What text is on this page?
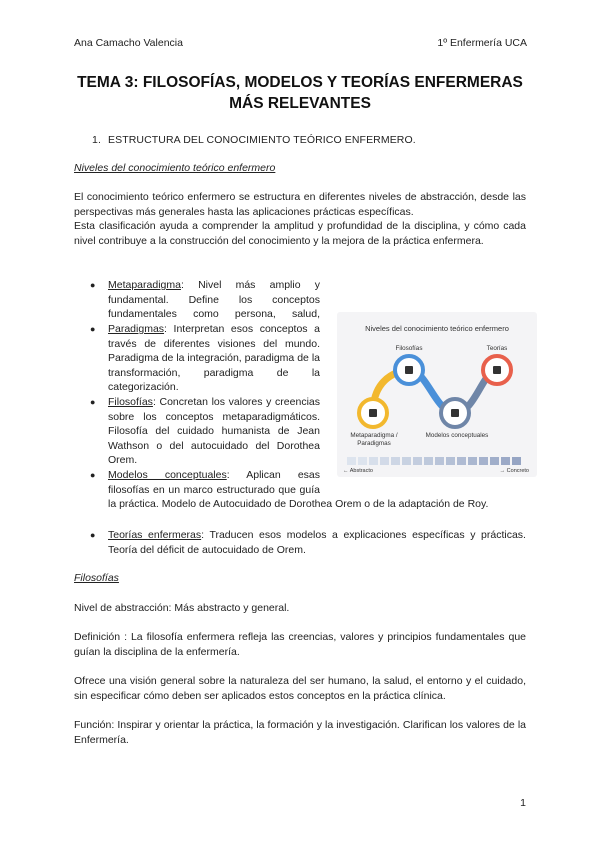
Ana Camacho Valencia	1º Enfermería UCA
TEMA 3: FILOSOFÍAS, MODELOS Y TEORÍAS ENFERMERAS
MÁS RELEVANTES
1. ESTRUCTURA DEL CONOCIMIENTO TEÓRICO ENFERMERO.
Niveles del conocimiento teórico enfermero
El conocimiento teórico enfermero se estructura en diferentes niveles de abstracción, desde las perspectivas más generales hasta las aplicaciones prácticas específicas.
Esta clasificación ayuda a comprender la amplitud y profundidad de la disciplina, y cómo cada nivel contribuye a la construcción del conocimiento y la mejora de la práctica enfermera.
● Metaparadigma: Nivel más amplio y fundamental. Define los conceptos fundamentales como persona, salud,
● Paradigmas: Interpretan esos conceptos a través de diferentes visiones del mundo. Paradigma de la integración, paradigma de la transformación, paradigma de la categorización.
● Filosofías: Concretan los valores y creencias sobre los conceptos metaparadigmáticos. Filosofía del cuidado humanista de Jean Wathson o del autocuidado del Dorothea Orem.
● Modelos conceptuales: Aplican esas filosofías en un marco estructurado que guía la práctica. Modelo de Autocuidado de Dorothea Orem o de la adaptación de Roy.
● Teorías enfermeras: Traducen esos modelos a explicaciones específicas y prácticas. Teoría del déficit de autocuidado de Orem.
Niveles del conocimiento teórico enfermero
Filosofías	Teorías
Metaparadigma /
Paradigmas
Modelos conceptuales
← Abstracto	→ Concreto
Filosofías
Nivel de abstracción: Más abstracto y general.
Definición : La filosofía enfermera refleja las creencias, valores y principios fundamentales que guían la disciplina de la enfermería.
Ofrece una visión general sobre la naturaleza del ser humano, la salud, el entorno y el cuidado, sin especificar cómo deben ser aplicados estos conceptos en la práctica clínica.
Función: Inspirar y orientar la práctica, la formación y la investigación. Clarifican los valores de la Enfermería.
1
